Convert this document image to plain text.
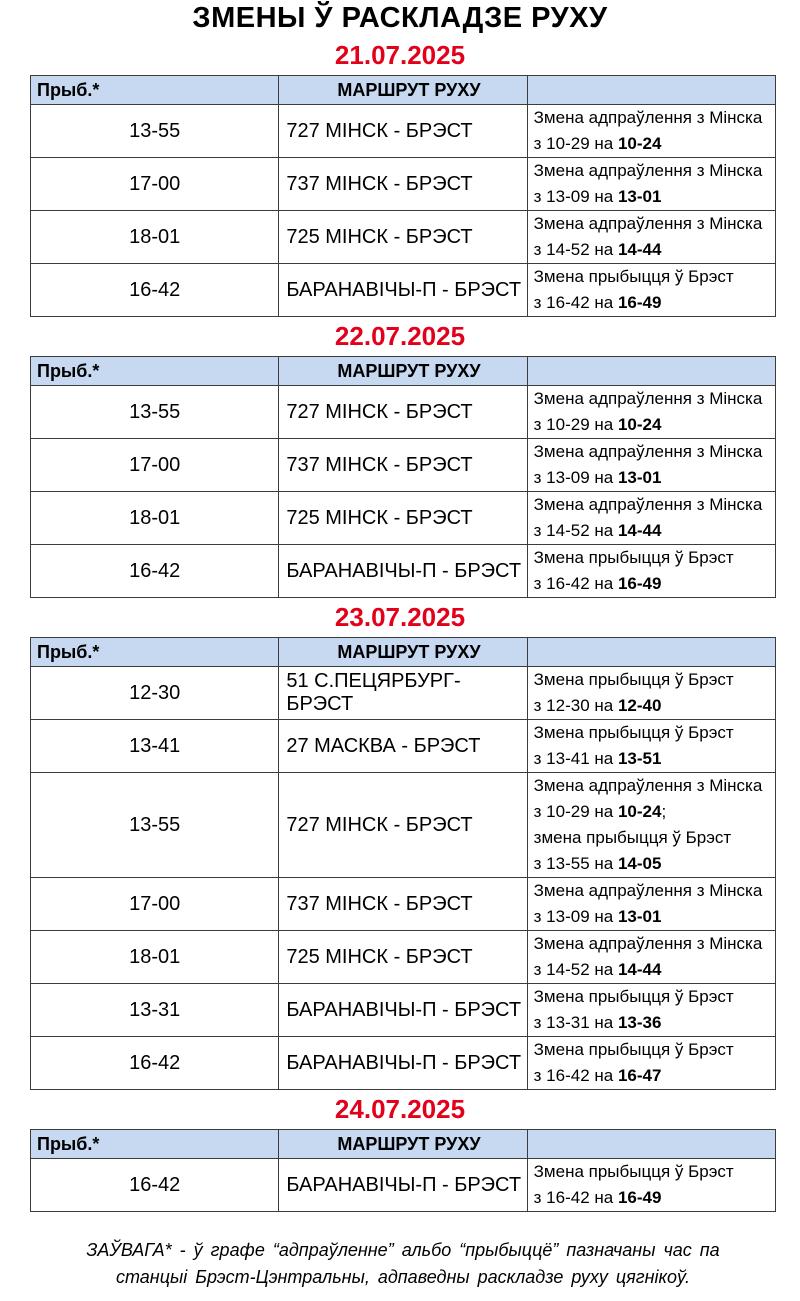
ЗМЕНЫ Ў РАСКЛАДЗЕ РУХУ
21.07.2025
Прыб.*	МАРШРУТ РУХУ	
13-55	727 МІНСК - БРЭСТ	Змена адпраўлення з Мінска
з 10-29 на 10-24

17-00	737 МІНСК - БРЭСТ	Змена адпраўлення з Мінска
з 13-09 на 13-01

18-01	725 МІНСК - БРЭСТ	Змена адпраўлення з Мінска
з 14-52 на 14-44

16-42	БАРАНАВІЧЫ-П - БРЭСТ	Змена прыбыцця ў Брэст
з 16-42 на 16-49
22.07.2025
Прыб.*	МАРШРУТ РУХУ	
13-55	727 МІНСК - БРЭСТ	Змена адпраўлення з Мінска
з 10-29 на 10-24

17-00	737 МІНСК - БРЭСТ	Змена адпраўлення з Мінска
з 13-09 на 13-01

18-01	725 МІНСК - БРЭСТ	Змена адпраўлення з Мінска
з 14-52 на 14-44

16-42	БАРАНАВІЧЫ-П - БРЭСТ	Змена прыбыцця ў Брэст
з 16-42 на 16-49
23.07.2025
Прыб.*	МАРШРУТ РУХУ	
12-30	51 С.ПЕЦЯРБУРГ- БРЭСТ	Змена прыбыцця ў Брэст
з 12-30 на 12-40

13-41	27 МАСКВА - БРЭСТ	Змена прыбыцця ў Брэст
з 13-41 на 13-51

13-55	727 МІНСК - БРЭСТ	Змена адпраўлення з Мінска
з 10-29 на 10-24;
змена прыбыцця ў Брэст
з 13-55 на 14-05

17-00	737 МІНСК - БРЭСТ	Змена адпраўлення з Мінска
з 13-09 на 13-01

18-01	725 МІНСК - БРЭСТ	Змена адпраўлення з Мінска
з 14-52 на 14-44

13-31	БАРАНАВІЧЫ-П - БРЭСТ	Змена прыбыцця ў Брэст
з 13-31 на 13-36

16-42	БАРАНАВІЧЫ-П - БРЭСТ	Змена прыбыцця ў Брэст
з 16-42 на 16-47
24.07.2025
Прыб.*	МАРШРУТ РУХУ	
16-42	БАРАНАВІЧЫ-П - БРЭСТ	Змена прыбыцця ў Брэст
з 16-42 на 16-49
ЗАЎВАГА* - ў графе “адпраўленне” альбо “прыбыццё” пазначаны час па
станцыі Брэст-Цэнтральны, адпаведны раскладзе руху цягнікоў.
